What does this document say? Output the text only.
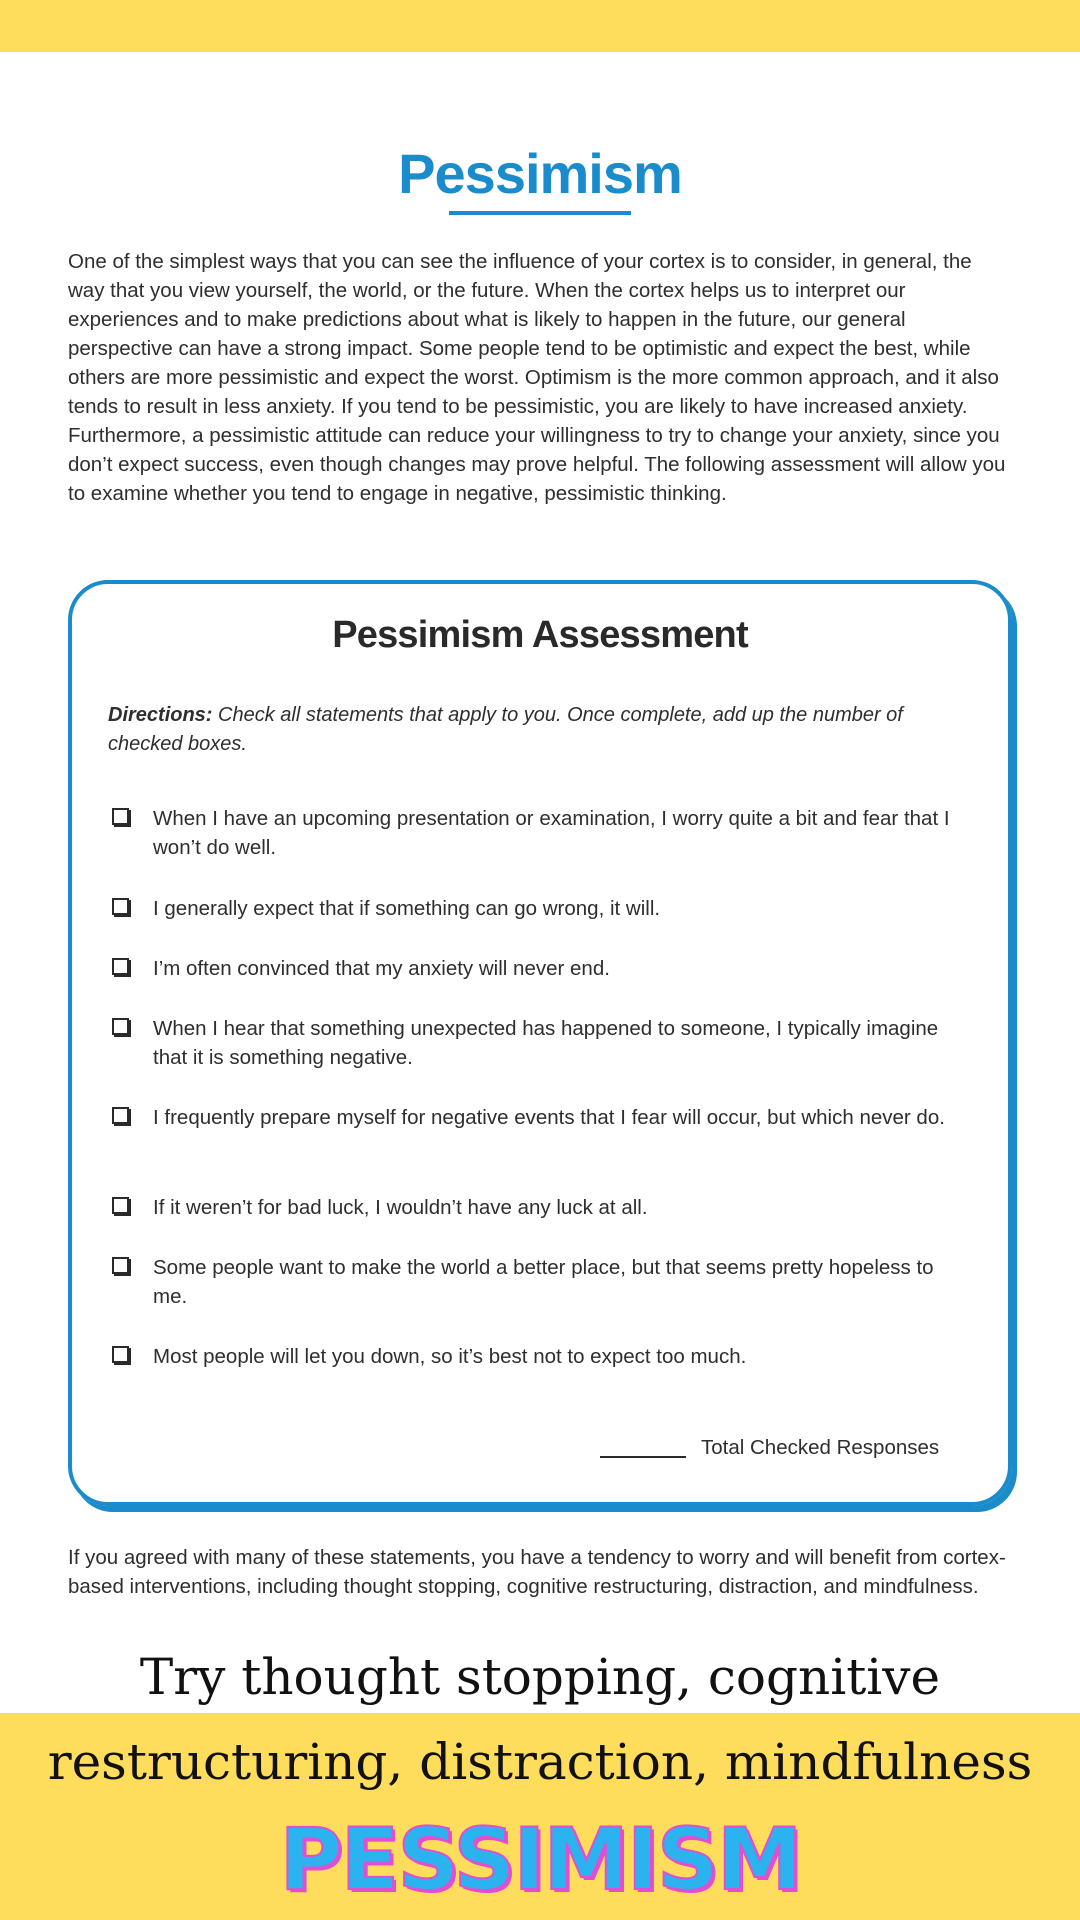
Pessimism

One of the simplest ways that you can see the influence of your cortex is to consider, in general, the way that you view yourself, the world, or the future. When the cortex helps us to interpret our experiences and to make predictions about what is likely to happen in the future, our general perspective can have a strong impact. Some people tend to be optimistic and expect the best, while others are more pessimistic and expect the worst. Optimism is the more common approach, and it also tends to result in less anxiety. If you tend to be pessimistic, you are likely to have increased anxiety. Furthermore, a pessimistic attitude can reduce your willingness to try to change your anxiety, since you don’t expect success, even though changes may prove helpful. The following assessment will allow you to examine whether you tend to engage in negative, pessimistic thinking.

Pessimism Assessment

Directions: Check all statements that apply to you. Once complete, add up the number of checked boxes.

When I have an upcoming presentation or examination, I worry quite a bit and fear that I won’t do well.
I generally expect that if something can go wrong, it will.
I’m often convinced that my anxiety will never end.
When I hear that something unexpected has happened to someone, I typically imagine that it is something negative.
I frequently prepare myself for negative events that I fear will occur, but which never do.
If it weren’t for bad luck, I wouldn’t have any luck at all.
Some people want to make the world a better place, but that seems pretty hopeless to me.
Most people will let you down, so it’s best not to expect too much.
Total Checked Responses

If you agreed with many of these statements, you have a tendency to worry and will benefit from cortex-based interventions, including thought stopping, cognitive restructuring, distraction, and mindfulness.

Try thought stopping, cognitive restructuring, distraction, mindfulness

PESSIMISM
